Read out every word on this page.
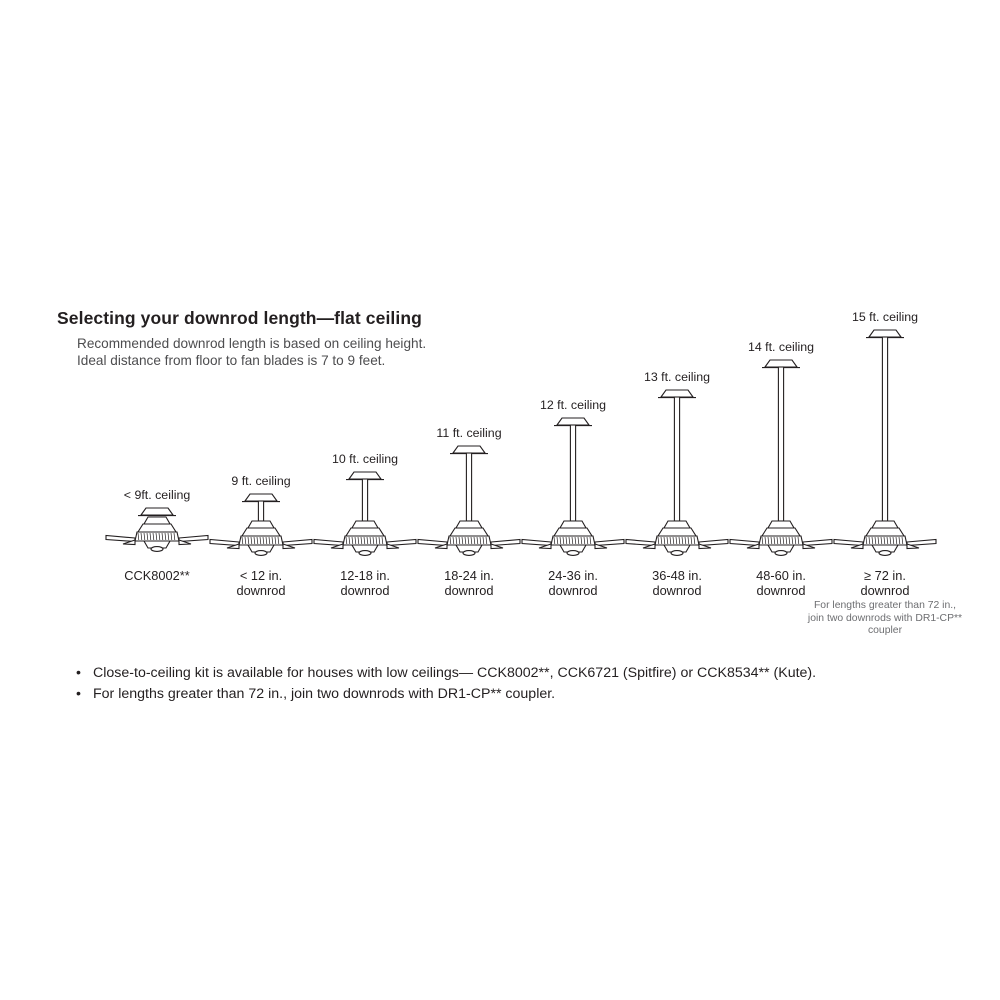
Selecting your downrod length—flat ceiling
Recommended downrod length is based on ceiling height.
Ideal distance from floor to fan blades is 7 to 9 feet.
< 9ft. ceiling
CCK8002**
9 ft. ceiling
< 12 in.
downrod
10 ft. ceiling
12-18 in.
downrod
11 ft. ceiling
18-24 in.
downrod
12 ft. ceiling
24-36 in.
downrod
13 ft. ceiling
36-48 in.
downrod
14 ft. ceiling
48-60 in.
downrod
15 ft. ceiling
≥ 72 in.
downrod
For lengths greater than 72 in., join two downrods with DR1-CP** coupler
• Close-to-ceiling kit is available for houses with low ceilings— CCK8002**, CCK6721 (Spitfire) or CCK8534** (Kute).
• For lengths greater than 72 in., join two downrods with DR1-CP** coupler.
